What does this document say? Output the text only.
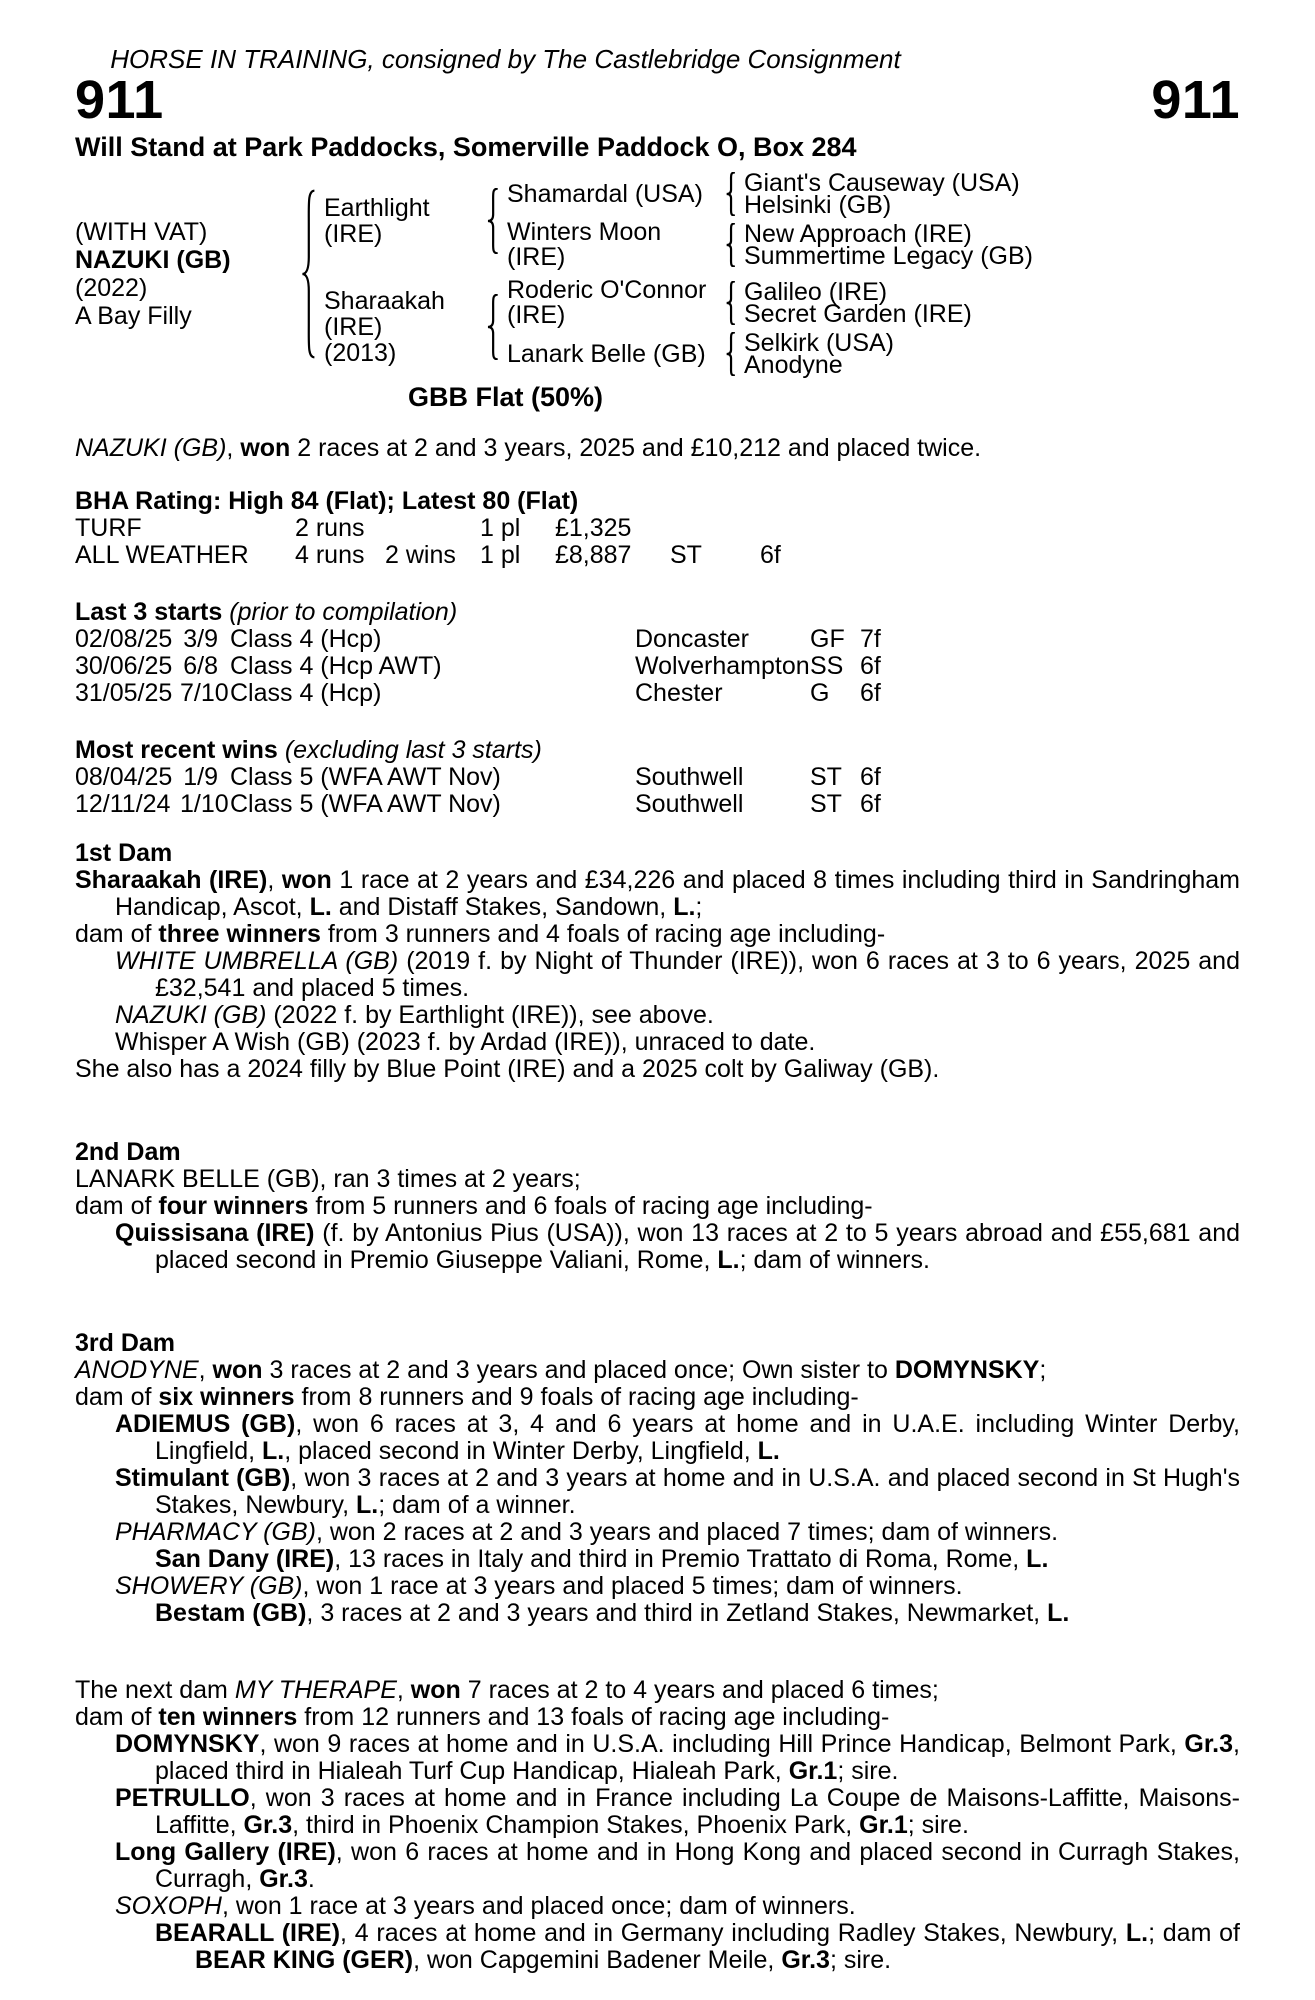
HORSE IN TRAINING, consigned by The Castlebridge Consignment
911	911
Will Stand at Park Paddocks, Somerville Paddock O, Box 284
(WITH VAT)
NAZUKI (GB) (2022)
A Bay Filly
Earthlight (IRE)
Shamardal (USA)	Giant's Causeway (USA)
Helsinki (GB)
Winters Moon (IRE)
New Approach (IRE)
Summertime Legacy (GB)
Sharaakah (IRE)
(2013)
Roderic O'Connor (IRE)
Galileo (IRE)
Secret Garden (IRE)
Lanark Belle (GB)	Selkirk (USA)
Anodyne
GBB Flat (50%)

NAZUKI (GB), won 2 races at 2 and 3 years, 2025 and £10,212 and placed twice.

BHA Rating: High 84 (Flat); Latest 80 (Flat)
TURF	2 runs	1 pl	£1,325
ALL WEATHER	4 runs 2 wins 1 pl	£8,887	ST	6f
Last 3 starts (prior to compilation)
02/08/25 3/9 Class 4 (Hcp)	Doncaster	GF 7f
30/06/25 6/8 Class 4 (Hcp AWT)	Wolverhampton SS 6f
31/05/25 7/10 Class 4 (Hcp)	Chester	G	6f
Most recent wins (excluding last 3 starts)
08/04/25 1/9 Class 5 (WFA AWT Nov)	Southwell	ST 6f
12/11/24 1/10 Class 5 (WFA AWT Nov)	Southwell	ST 6f
1st Dam

Sharaakah (IRE), won 1 race at 2 years and £34,226 and placed 8 times including third in Sandringham Handicap, Ascot, L. and Distaff Stakes, Sandown, L.;

dam of three winners from 3 runners and 4 foals of racing age including-

WHITE UMBRELLA (GB) (2019 f. by Night of Thunder (IRE)), won 6 races at 3 to 6 years, 2025 and £32,541 and placed 5 times.

NAZUKI (GB) (2022 f. by Earthlight (IRE)), see above.

Whisper A Wish (GB) (2023 f. by Ardad (IRE)), unraced to date.

She also has a 2024 filly by Blue Point (IRE) and a 2025 colt by Galiway (GB).

2nd Dam

LANARK BELLE (GB), ran 3 times at 2 years;

dam of four winners from 5 runners and 6 foals of racing age including-

Quissisana (IRE) (f. by Antonius Pius (USA)), won 13 races at 2 to 5 years abroad and £55,681 and placed second in Premio Giuseppe Valiani, Rome, L.; dam of winners.

3rd Dam

ANODYNE, won 3 races at 2 and 3 years and placed once; Own sister to DOMYNSKY;

dam of six winners from 8 runners and 9 foals of racing age including-

ADIEMUS (GB), won 6 races at 3, 4 and 6 years at home and in U.A.E. including Winter Derby, Lingfield, L., placed second in Winter Derby, Lingfield, L.

Stimulant (GB), won 3 races at 2 and 3 years at home and in U.S.A. and placed second in St Hugh's Stakes, Newbury, L.; dam of a winner.

PHARMACY (GB), won 2 races at 2 and 3 years and placed 7 times; dam of winners.

San Dany (IRE), 13 races in Italy and third in Premio Trattato di Roma, Rome, L.

SHOWERY (GB), won 1 race at 3 years and placed 5 times; dam of winners.

Bestam (GB), 3 races at 2 and 3 years and third in Zetland Stakes, Newmarket, L.

The next dam MY THERAPE, won 7 races at 2 to 4 years and placed 6 times;

dam of ten winners from 12 runners and 13 foals of racing age including-

DOMYNSKY, won 9 races at home and in U.S.A. including Hill Prince Handicap, Belmont Park, Gr.3, placed third in Hialeah Turf Cup Handicap, Hialeah Park, Gr.1; sire.

PETRULLO, won 3 races at home and in France including La Coupe de Maisons-Laffitte, Maisons-Laffitte, Gr.3, third in Phoenix Champion Stakes, Phoenix Park, Gr.1; sire.

Long Gallery (IRE), won 6 races at home and in Hong Kong and placed second in Curragh Stakes, Curragh, Gr.3.

SOXOPH, won 1 race at 3 years and placed once; dam of winners.

BEARALL (IRE), 4 races at home and in Germany including Radley Stakes, Newbury, L.; dam of BEAR KING (GER), won Capgemini Badener Meile, Gr.3; sire.
